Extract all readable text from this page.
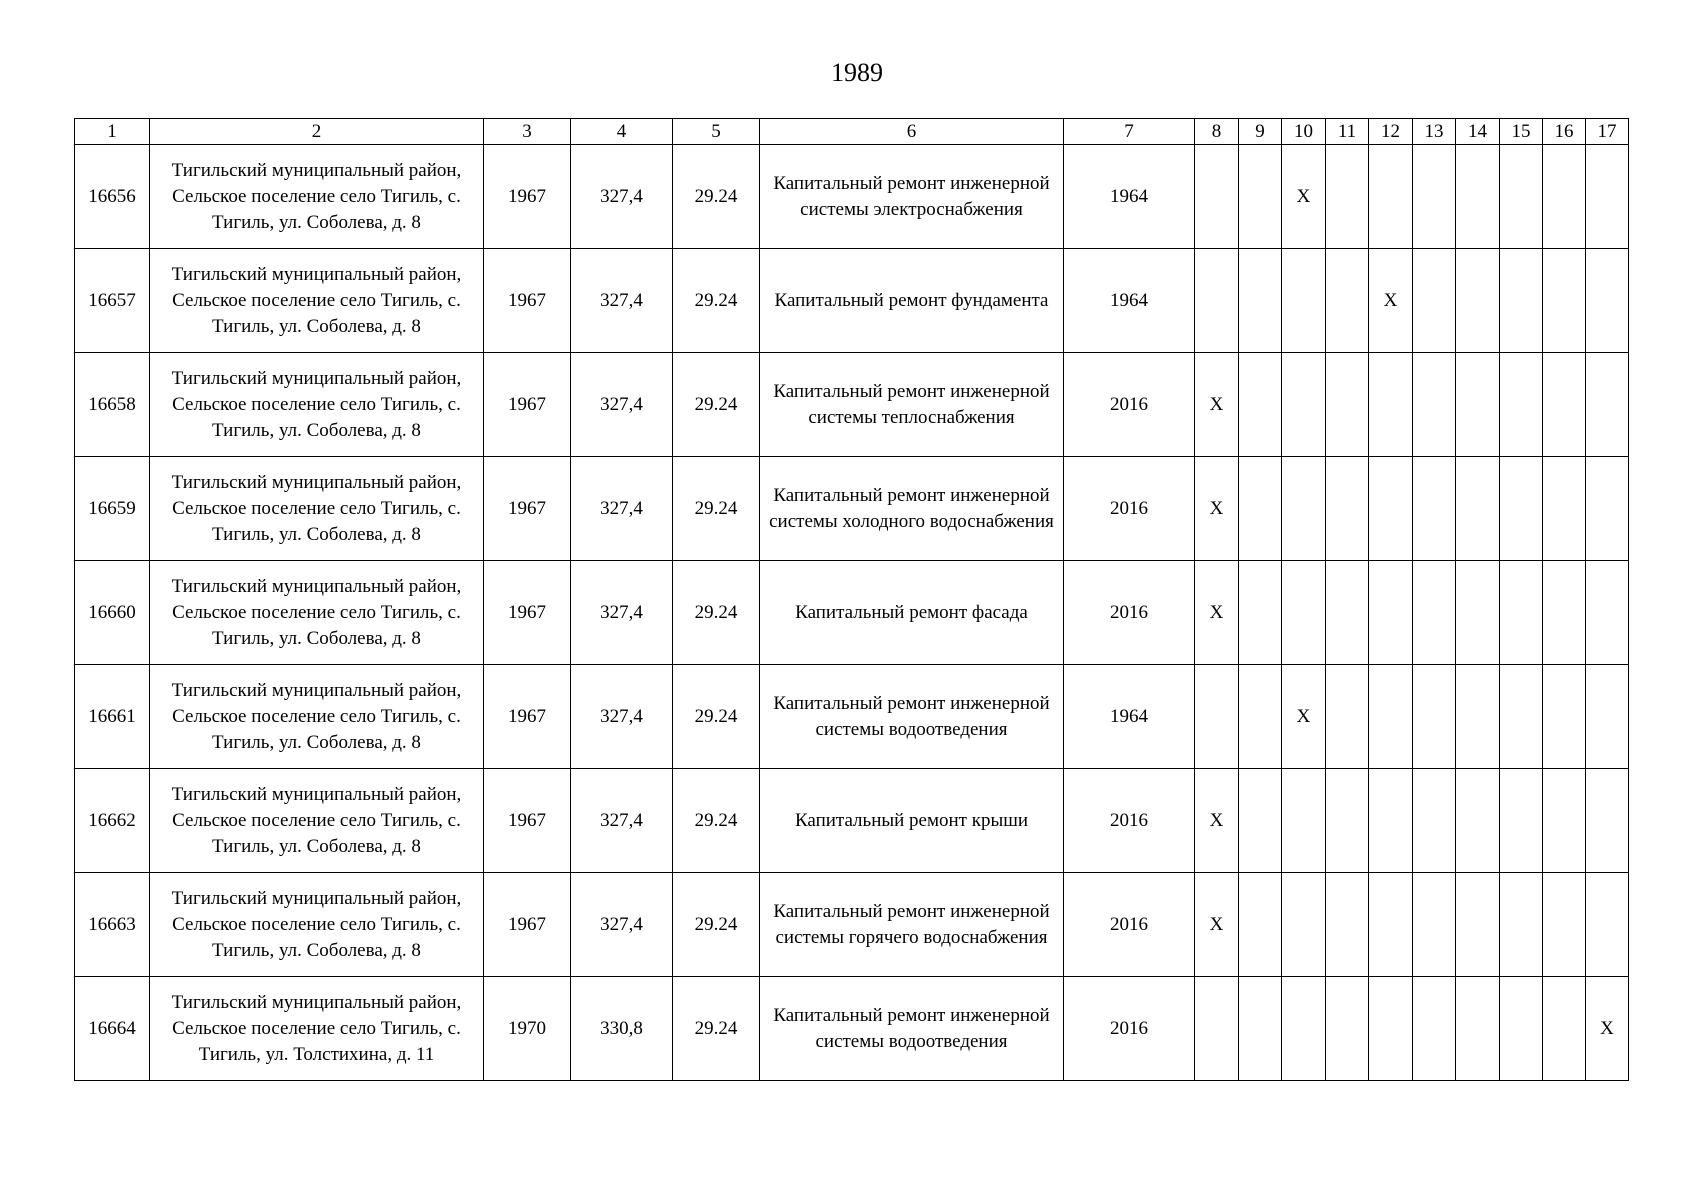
1989
1	2	3	4	5	6	7	8	9	10	11	12	13	14	15	16	17
16656	Тигильский муниципальный район, Сельское поселение село Тигиль, с. Тигиль, ул. Соболева, д. 8	1967	327,4	29.24	Капитальный ремонт инженерной системы электроснабжения	1964			X							
16657	Тигильский муниципальный район, Сельское поселение село Тигиль, с. Тигиль, ул. Соболева, д. 8	1967	327,4	29.24	Капитальный ремонт фундамента	1964					X					
16658	Тигильский муниципальный район, Сельское поселение село Тигиль, с. Тигиль, ул. Соболева, д. 8	1967	327,4	29.24	Капитальный ремонт инженерной системы теплоснабжения	2016	X									
16659	Тигильский муниципальный район, Сельское поселение село Тигиль, с. Тигиль, ул. Соболева, д. 8	1967	327,4	29.24	Капитальный ремонт инженерной системы холодного водоснабжения	2016	X									
16660	Тигильский муниципальный район, Сельское поселение село Тигиль, с. Тигиль, ул. Соболева, д. 8	1967	327,4	29.24	Капитальный ремонт фасада	2016	X									
16661	Тигильский муниципальный район, Сельское поселение село Тигиль, с. Тигиль, ул. Соболева, д. 8	1967	327,4	29.24	Капитальный ремонт инженерной системы водоотведения	1964			X							
16662	Тигильский муниципальный район, Сельское поселение село Тигиль, с. Тигиль, ул. Соболева, д. 8	1967	327,4	29.24	Капитальный ремонт крыши	2016	X									
16663	Тигильский муниципальный район, Сельское поселение село Тигиль, с. Тигиль, ул. Соболева, д. 8	1967	327,4	29.24	Капитальный ремонт инженерной системы горячего водоснабжения	2016	X									
16664	Тигильский муниципальный район, Сельское поселение село Тигиль, с. Тигиль, ул. Толстихина, д. 11	1970	330,8	29.24	Капитальный ремонт инженерной системы водоотведения	2016										X
